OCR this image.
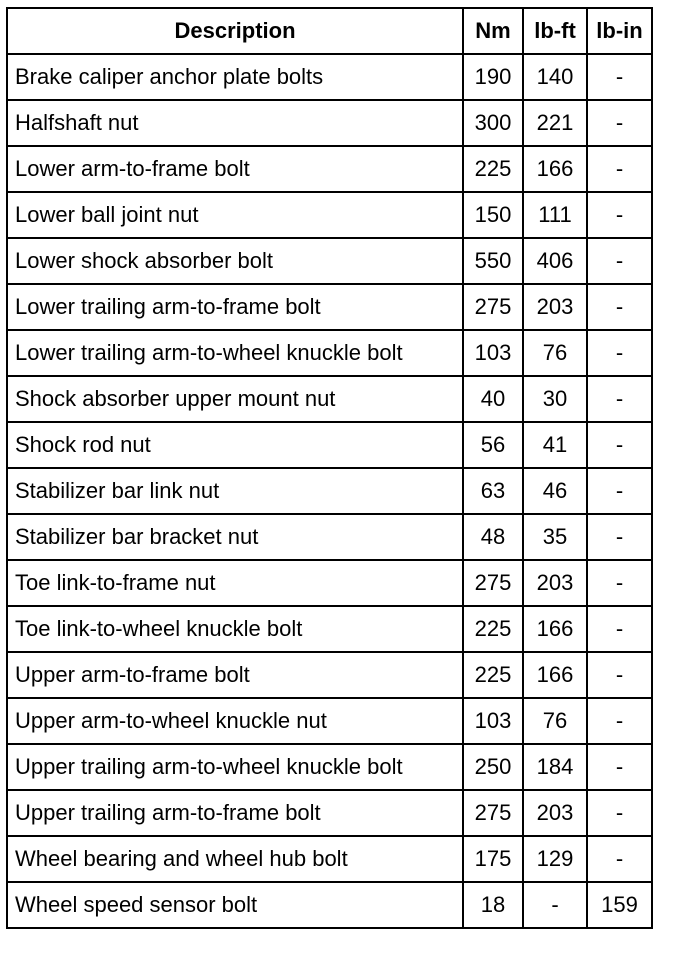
Description	Nm	lb-ft	lb-in
Brake caliper anchor plate bolts	190	140	-
Halfshaft nut	300	221	-
Lower arm-to-frame bolt	225	166	-
Lower ball joint nut	150	111	-
Lower shock absorber bolt	550	406	-
Lower trailing arm-to-frame bolt	275	203	-
Lower trailing arm-to-wheel knuckle bolt	103	76	-
Shock absorber upper mount nut	40	30	-
Shock rod nut	56	41	-
Stabilizer bar link nut	63	46	-
Stabilizer bar bracket nut	48	35	-
Toe link-to-frame nut	275	203	-
Toe link-to-wheel knuckle bolt	225	166	-
Upper arm-to-frame bolt	225	166	-
Upper arm-to-wheel knuckle nut	103	76	-
Upper trailing arm-to-wheel knuckle bolt	250	184	-
Upper trailing arm-to-frame bolt	275	203	-
Wheel bearing and wheel hub bolt	175	129	-
Wheel speed sensor bolt	18	-	159
